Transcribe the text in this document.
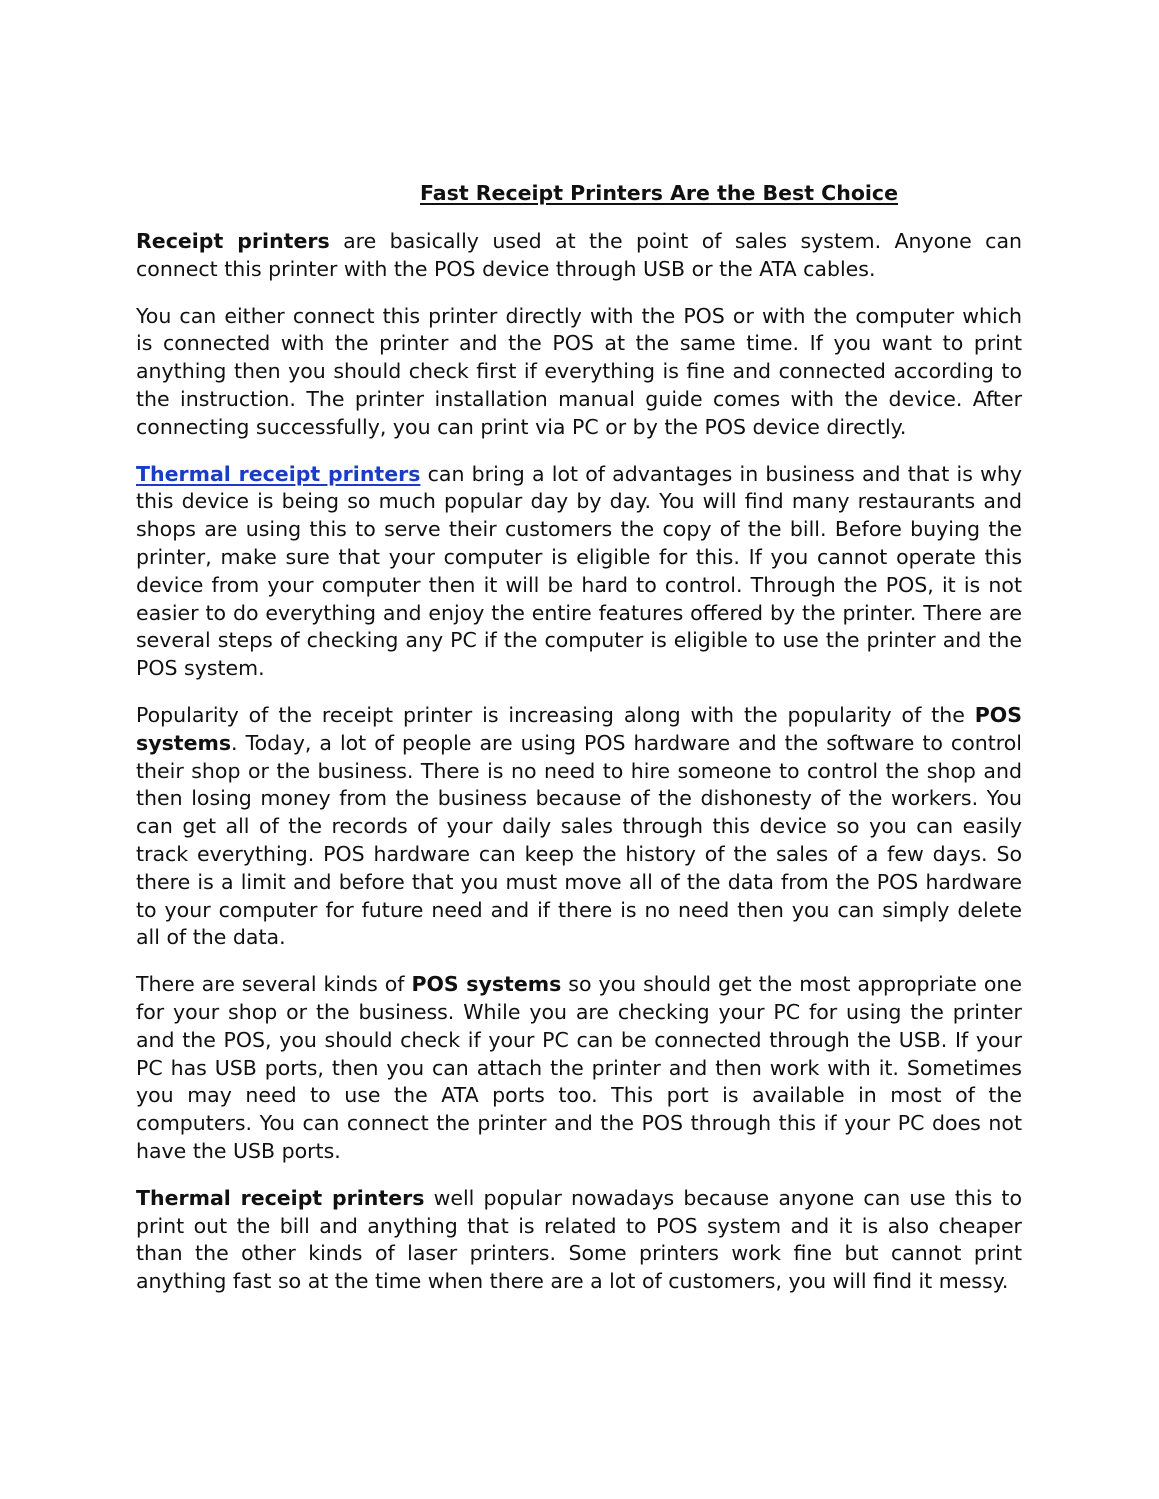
Fast Receipt Printers Are the Best Choice

Receipt printers are basically used at the point of sales system. Anyone can connect this printer with the POS device through USB or the ATA cables.

You can either connect this printer directly with the POS or with the computer which is connected with the printer and the POS at the same time. If you want to print anything then you should check first if everything is fine and connected according to the instruction. The printer installation manual guide comes with the device. After connecting successfully, you can print via PC or by the POS device directly.

Thermal receipt printers can bring a lot of advantages in business and that is why this device is being so much popular day by day. You will find many restaurants and shops are using this to serve their customers the copy of the bill. Before buying the printer, make sure that your computer is eligible for this. If you cannot operate this device from your computer then it will be hard to control. Through the POS, it is not easier to do everything and enjoy the entire features offered by the printer. There are several steps of checking any PC if the computer is eligible to use the printer and the POS system.

Popularity of the receipt printer is increasing along with the popularity of the POS systems. Today, a lot of people are using POS hardware and the software to control their shop or the business. There is no need to hire someone to control the shop and then losing money from the business because of the dishonesty of the workers. You can get all of the records of your daily sales through this device so you can easily track everything. POS hardware can keep the history of the sales of a few days. So there is a limit and before that you must move all of the data from the POS hardware to your computer for future need and if there is no need then you can simply delete all of the data.

There are several kinds of POS systems so you should get the most appropriate one for your shop or the business. While you are checking your PC for using the printer and the POS, you should check if your PC can be connected through the USB. If your PC has USB ports, then you can attach the printer and then work with it. Sometimes you may need to use the ATA ports too. This port is available in most of the computers. You can connect the printer and the POS through this if your PC does not have the USB ports.

Thermal receipt printers well popular nowadays because anyone can use this to print out the bill and anything that is related to POS system and it is also cheaper than the other kinds of laser printers. Some printers work fine but cannot print anything fast so at the time when there are a lot of customers, you will find it messy.
